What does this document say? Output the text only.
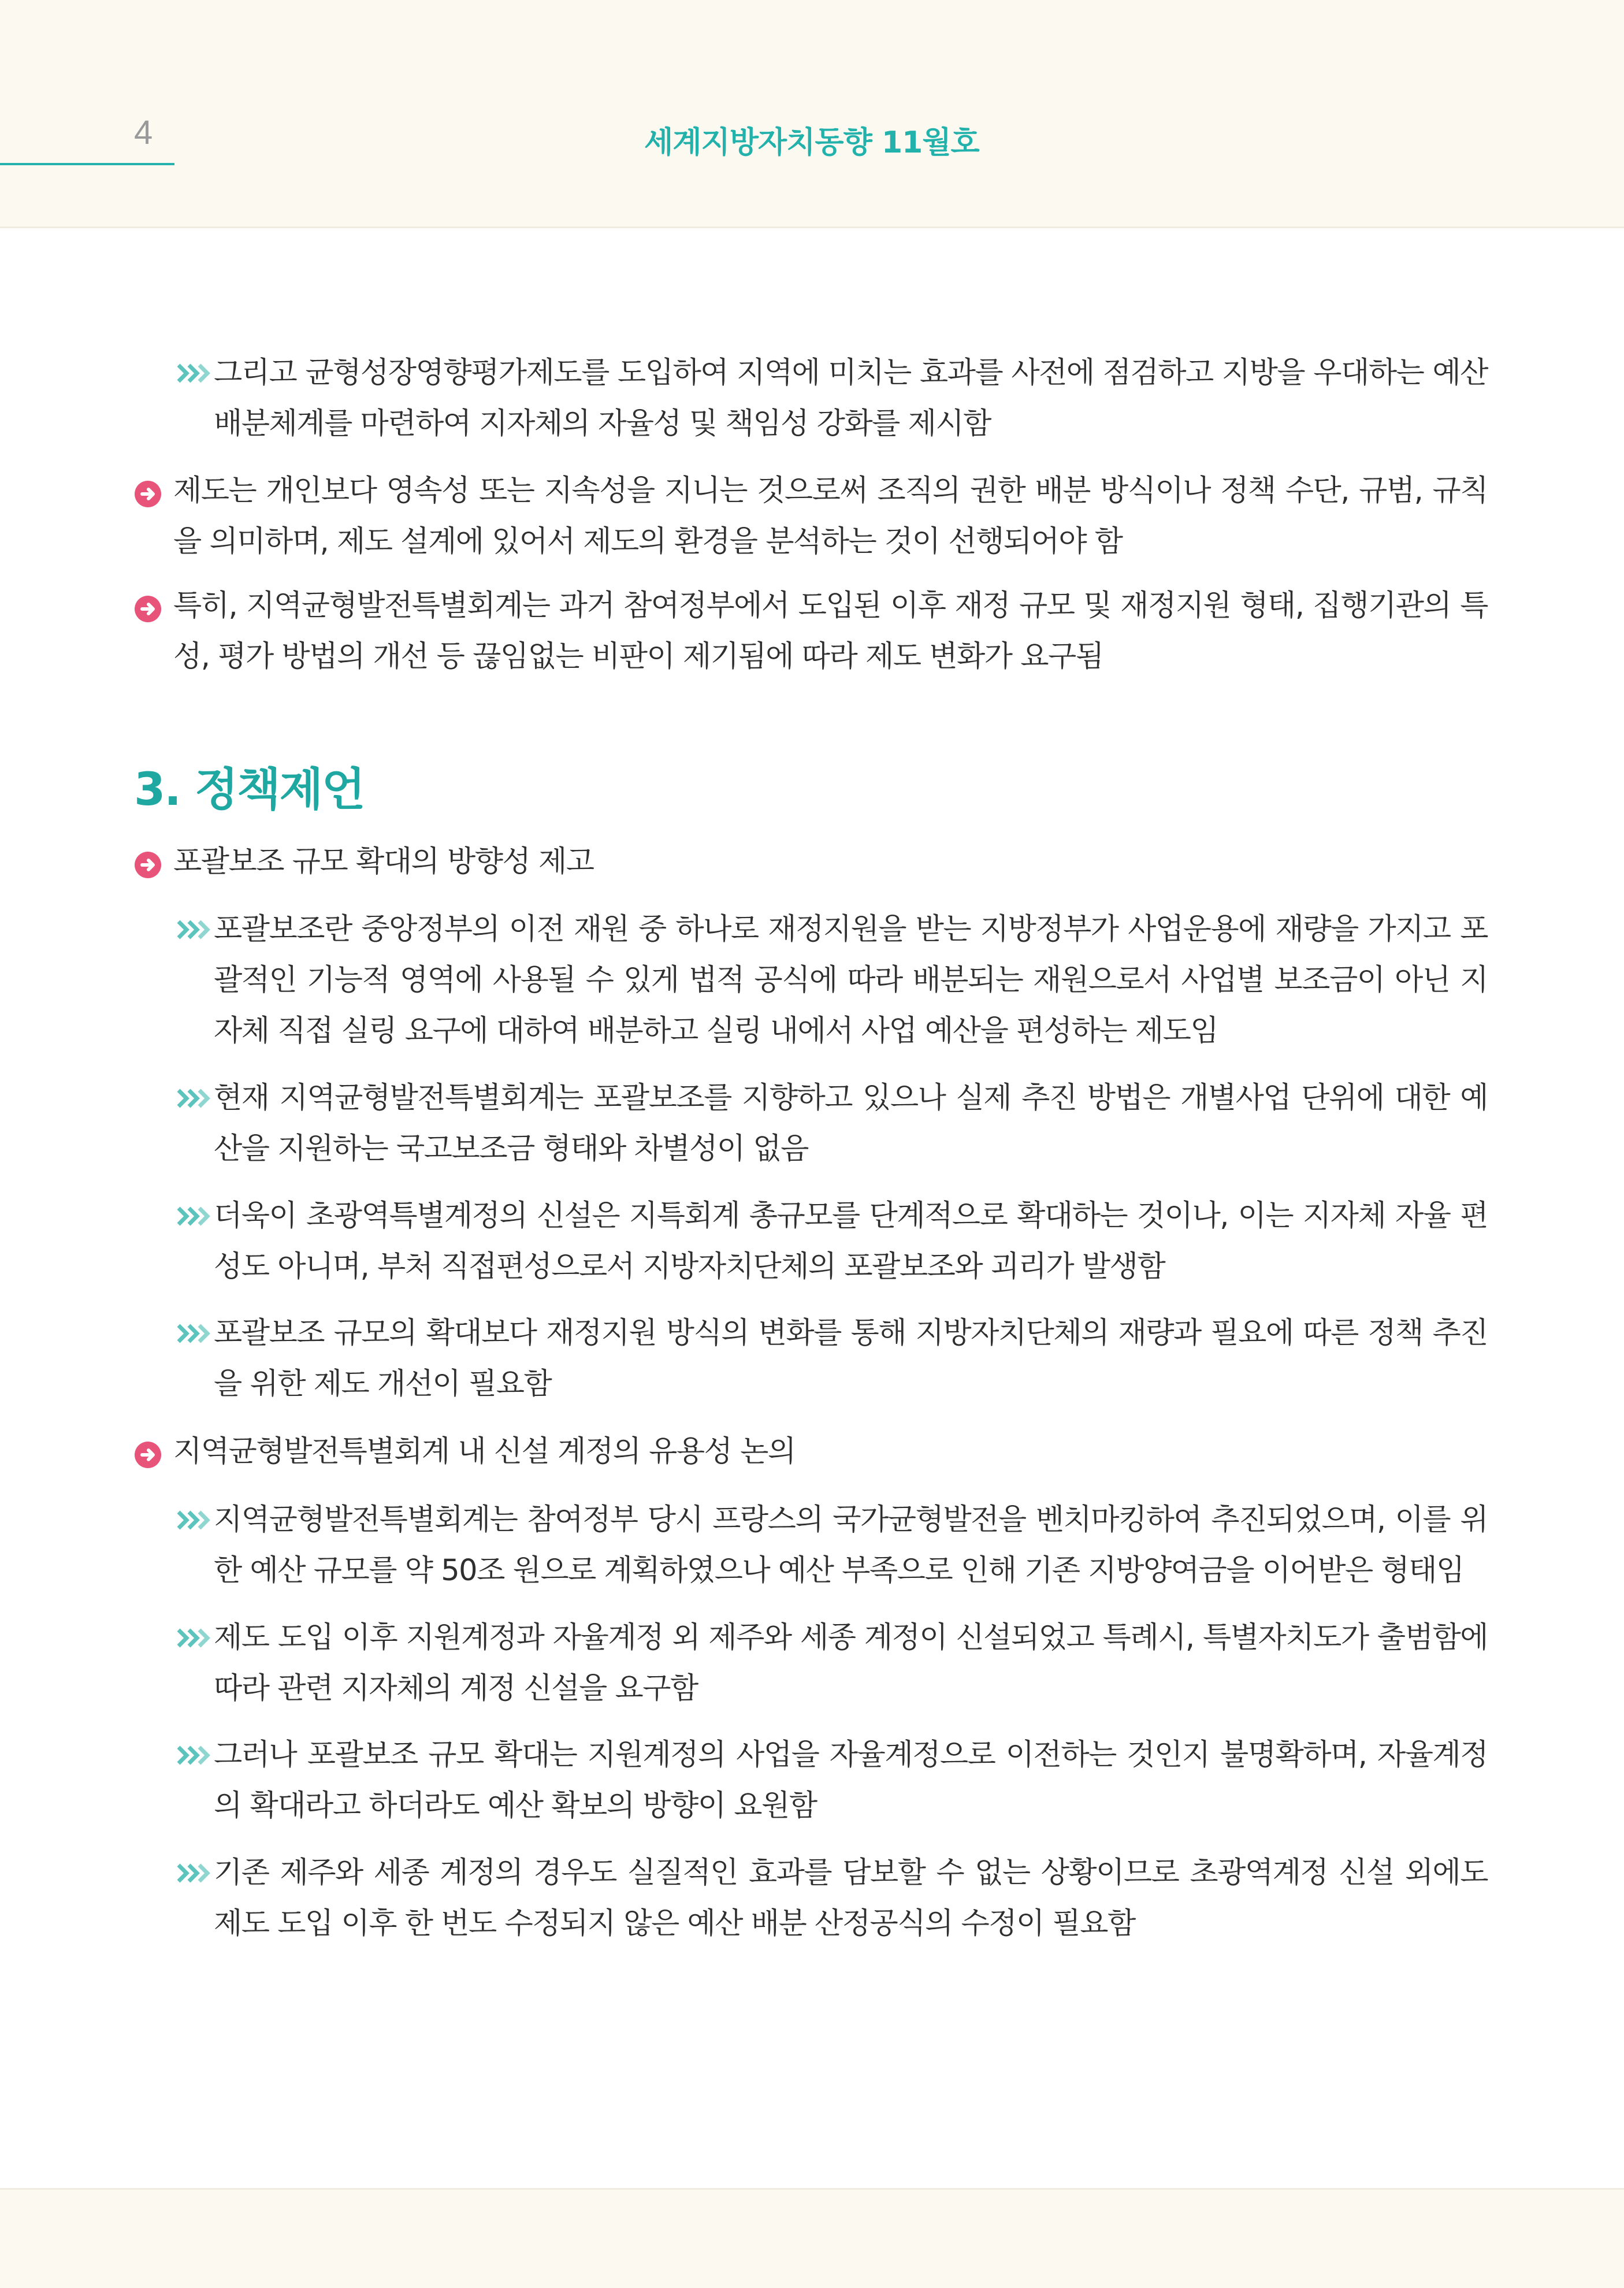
4	세계지방자치동향 11월호
그리고 균형성장영향평가제도를 도입하여 지역에 미치는 효과를 사전에 점검하고 지방을 우대하는 예산 배분체계를 마련하여 지자체의 자율성 및 책임성 강화를 제시함
제도는 개인보다 영속성 또는 지속성을 지니는 것으로써 조직의 권한 배분 방식이나 정책 수단, 규범, 규칙을 의미하며, 제도 설계에 있어서 제도의 환경을 분석하는 것이 선행되어야 함
특히, 지역균형발전특별회계는 과거 참여정부에서 도입된 이후 재정 규모 및 재정지원 형태, 집행기관의 특성, 평가 방법의 개선 등 끊임없는 비판이 제기됨에 따라 제도 변화가 요구됨
3. 정책제언
포괄보조 규모 확대의 방향성 제고
포괄보조란 중앙정부의 이전 재원 중 하나로 재정지원을 받는 지방정부가 사업운용에 재량을 가지고 포괄적인 기능적 영역에 사용될 수 있게 법적 공식에 따라 배분되는 재원으로서 사업별 보조금이 아닌 지자체 직접 실링 요구에 대하여 배분하고 실링 내에서 사업 예산을 편성하는 제도임
현재 지역균형발전특별회계는 포괄보조를 지향하고 있으나 실제 추진 방법은 개별사업 단위에 대한 예산을 지원하는 국고보조금 형태와 차별성이 없음
더욱이 초광역특별계정의 신설은 지특회계 총규모를 단계적으로 확대하는 것이나, 이는 지자체 자율 편성도 아니며, 부처 직접편성으로서 지방자치단체의 포괄보조와 괴리가 발생함
포괄보조 규모의 확대보다 재정지원 방식의 변화를 통해 지방자치단체의 재량과 필요에 따른 정책 추진을 위한 제도 개선이 필요함
지역균형발전특별회계 내 신설 계정의 유용성 논의
지역균형발전특별회계는 참여정부 당시 프랑스의 국가균형발전을 벤치마킹하여 추진되었으며, 이를 위한 예산 규모를 약 50조 원으로 계획하였으나 예산 부족으로 인해 기존 지방양여금을 이어받은 형태임
제도 도입 이후 지원계정과 자율계정 외 제주와 세종 계정이 신설되었고 특례시, 특별자치도가 출범함에 따라 관련 지자체의 계정 신설을 요구함
그러나 포괄보조 규모 확대는 지원계정의 사업을 자율계정으로 이전하는 것인지 불명확하며, 자율계정의 확대라고 하더라도 예산 확보의 방향이 요원함
기존 제주와 세종 계정의 경우도 실질적인 효과를 담보할 수 없는 상황이므로 초광역계정 신설 외에도 제도 도입 이후 한 번도 수정되지 않은 예산 배분 산정공식의 수정이 필요함
